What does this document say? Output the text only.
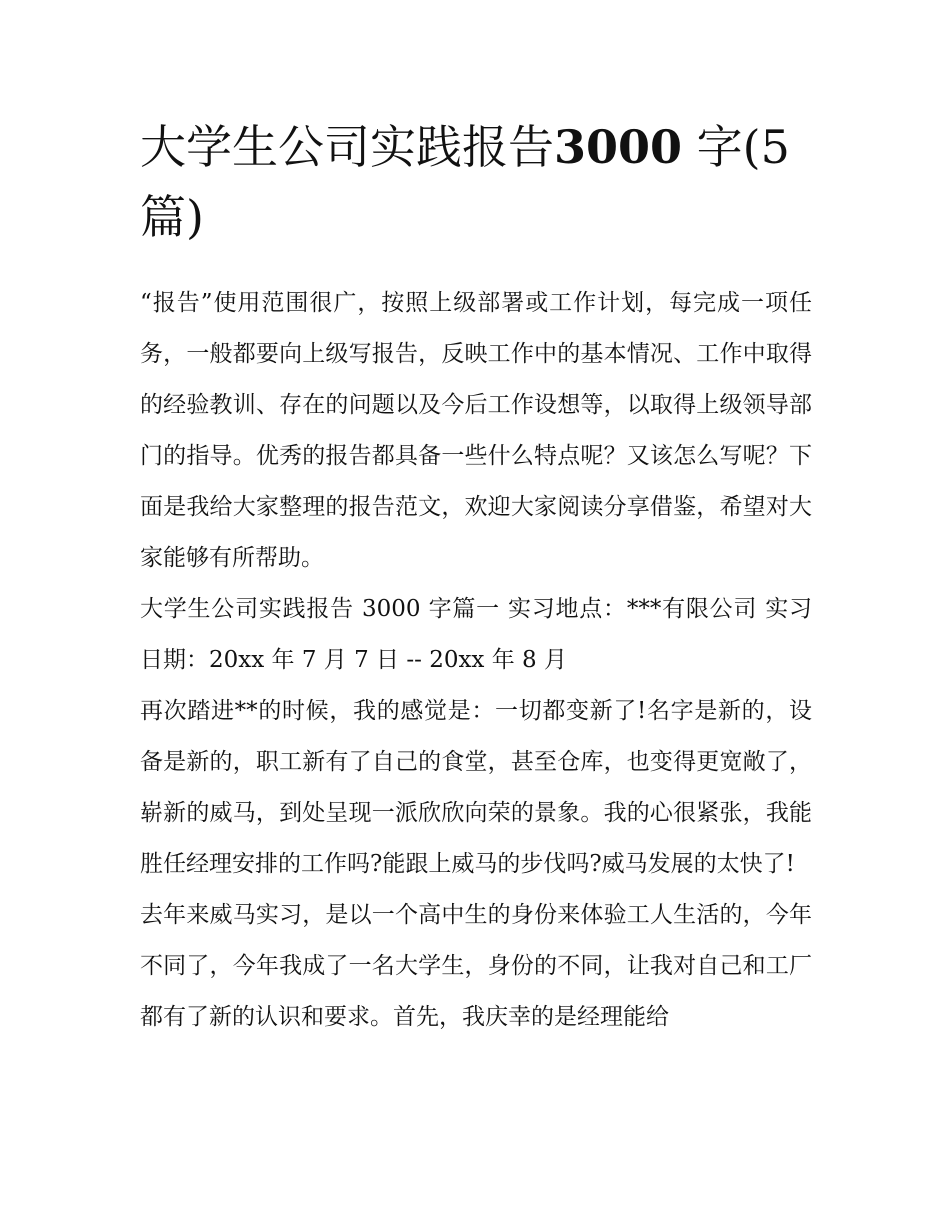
大学生公司实践报告3000 字(5 篇)

“报告”使用范围很广，按照上级部署或工作计划，每完成一项任务，一般都要向上级写报告，反映工作中的基本情况、工作中取得的经验教训、存在的问题以及今后工作设想等，以取得上级领导部门的指导。优秀的报告都具备一些什么特点呢？又该怎么写呢？下面是我给大家整理的报告范文，欢迎大家阅读分享借鉴，希望对大家能够有所帮助。

大学生公司实践报告 3000 字篇一 实习地点：***有限公司 实习日期：20xx 年 7 月 7 日 -- 20xx 年 8 月

再次踏进**的时候，我的感觉是：一切都变新了!名字是新的，设备是新的，职工新有了自己的食堂，甚至仓库，也变得更宽敞了，崭新的威马，到处呈现一派欣欣向荣的景象。我的心很紧张，我能胜任经理安排的工作吗?能跟上威马的步伐吗?威马发展的太快了!

去年来威马实习，是以一个高中生的身份来体验工人生活的，今年不同了，今年我成了一名大学生，身份的不同，让我对自己和工厂都有了新的认识和要求。首先，我庆幸的是经理能给
